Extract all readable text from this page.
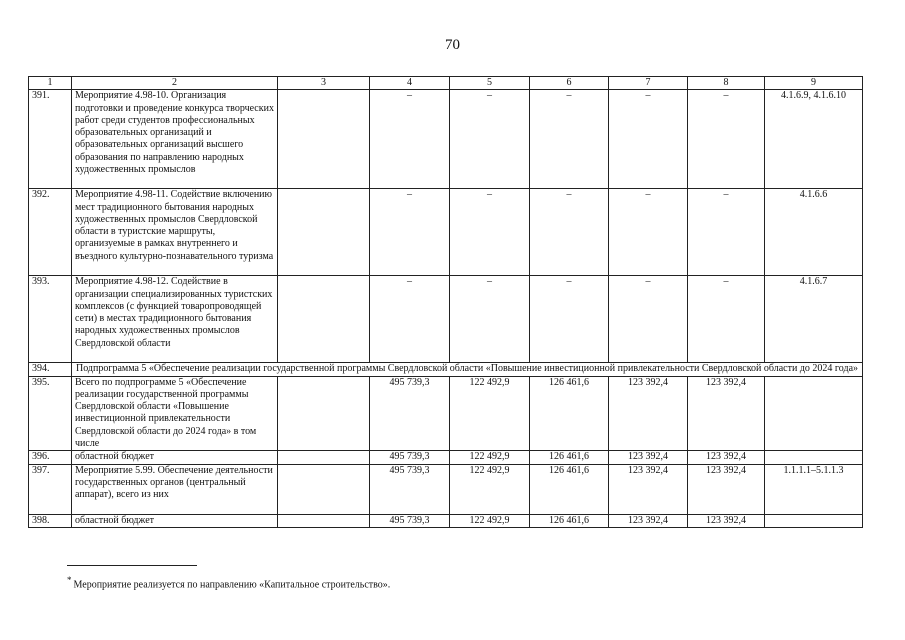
70
1	2	3	4	5	6	7	8	9
391.	Мероприятие 4.98-10. Организация подготовки и проведение конкурса творческих работ среди студентов профессиональных образовательных организаций и образовательных организаций высшего образования по направлению народных художественных промыслов		–	–	–	–	–	4.1.6.9, 4.1.6.10
392.	Мероприятие 4.98-11. Содействие включению мест традиционного бытования народных художественных промыслов Свердловской области в туристские маршруты, организуемые в рамках внутреннего и въездного культурно-познавательного туризма		–	–	–	–	–	4.1.6.6
393.	Мероприятие 4.98-12. Содействие в организации специализированных туристских комплексов (с функцией товаропроводящей сети) в местах традиционного бытования народных художественных промыслов Свердловской области		–	–	–	–	–	4.1.6.7
394.	Подпрограмма 5 «Обеспечение реализации государственной программы Свердловской области «Повышение инвестиционной привлекательности Свердловской области до 2024 года»							
395.	Всего по подпрограмме 5 «Обеспечение реализации государственной программы Свердловской области «Повышение инвестиционной привлекательности Свердловской области до 2024 года» в том числе		495 739,3	122 492,9	126 461,6	123 392,4	123 392,4	
396.	областной бюджет		495 739,3	122 492,9	126 461,6	123 392,4	123 392,4	
397.	Мероприятие 5.99. Обеспечение деятельности государственных органов (центральный аппарат), всего из них		495 739,3	122 492,9	126 461,6	123 392,4	123 392,4	1.1.1.1–5.1.1.3
398.	областной бюджет		495 739,3	122 492,9	126 461,6	123 392,4	123 392,4	
* Мероприятие реализуется по направлению «Капитальное строительство».
